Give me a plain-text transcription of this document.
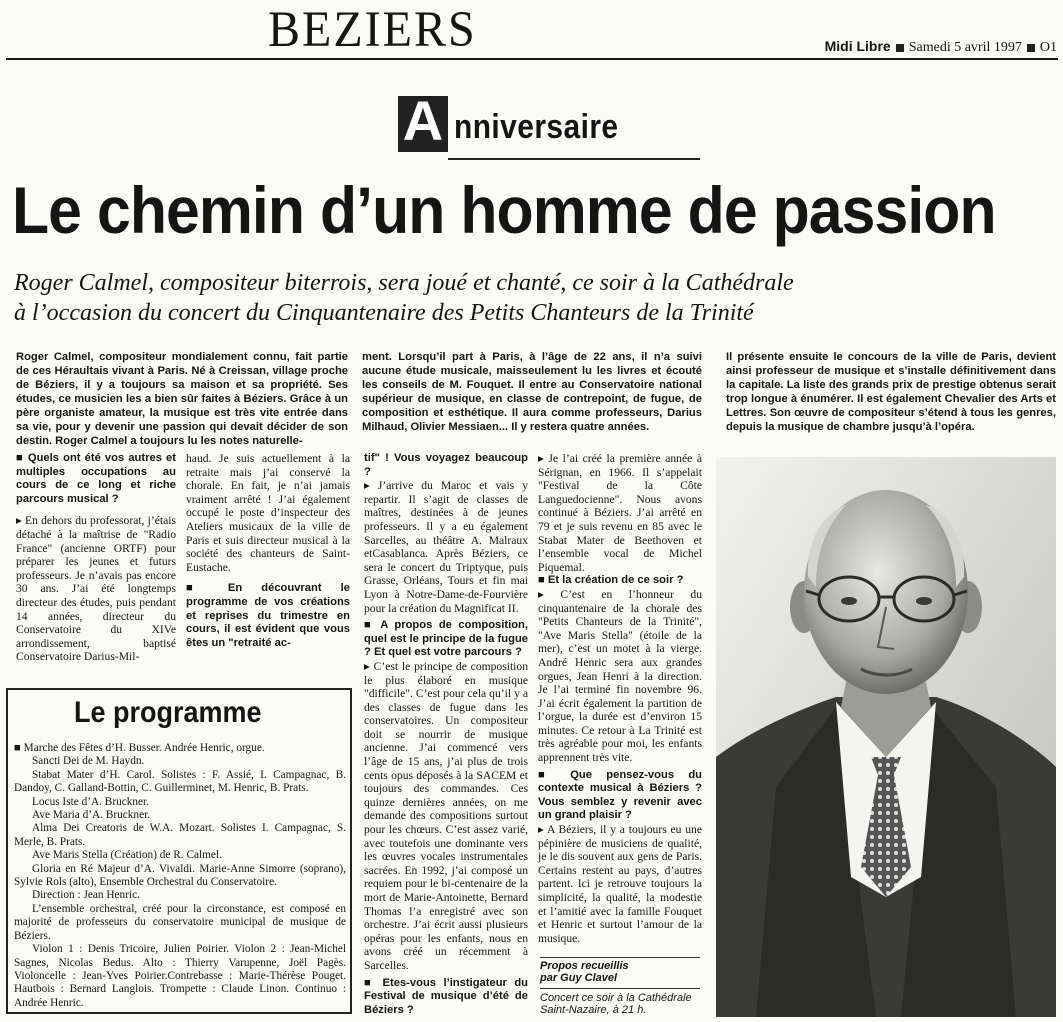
BEZIERS	Midi Libre Samedi 5 avril 1997 O1
A nniversaire
Le chemin d’un homme de passion
Roger Calmel, compositeur biterrois, sera joué et chanté, ce soir à la Cathédrale
à l’occasion du concert du Cinquantenaire des Petits Chanteurs de la Trinité
Roger Calmel, compositeur mondialement connu, fait partie de ces Héraultais vivant à Paris. Né à Creissan, village proche de Béziers, il y a toujours sa maison et sa propriété. Ses études, ce musicien les a bien sûr faites à Béziers. Grâce à un père organiste amateur, la musique est très vite entrée dans sa vie, pour y devenir une passion qui devait décider de son destin. Roger Calmel a toujours lu les notes naturelle-
ment. Lorsqu’il part à Paris, à l’âge de 22 ans, il n’a suivi aucune étude musicale, maisseulement lu les livres et écouté les conseils de M. Fouquet. Il entre au Conservatoire national supérieur de musique, en classe de contrepoint, de fugue, de composition et esthétique. Il aura comme professeurs, Darius Milhaud, Olivier Messiaen... Il y restera quatre années.
Il présente ensuite le concours de la ville de Paris, devient ainsi professeur de musique et s’installe définitivement dans la capitale. La liste des grands prix de prestige obtenus serait trop longue à énumérer. Il est également Chevalier des Arts et Lettres. Son œuvre de compositeur s’étend à tous les genres, depuis la musique de chambre jusqu’à l’opéra.

■ Quels ont été vos autres et multiples occupations au cours de ce long et riche parcours musical ?

▸ En dehors du professorat, j’étais détaché à la maîtrise de "Radio France" (ancienne ORTF) pour préparer les jeunes et futurs professeurs. Je n’avais pas encore 30 ans. J’ai été longtemps directeur des études, puis pendant 14 années, directeur du Conservatoire du XIVe arrondissement, baptisé Conservatoire Darius-Mil-

haud. Je suis actuellement à la retraite mais j’ai conservé la chorale. En fait, je n’ai jamais vraiment arrêté ! J’ai également occupé le poste d’inspecteur des Ateliers musicaux de la ville de Paris et suis directeur musical à la société des chanteurs de Saint-Eustache.

■ En découvrant le programme de vos créations et reprises du trimestre en cours, il est évident que vous êtes un "retraité ac-

tif" ! Vous voyagez beaucoup ?

▸ J’arrive du Maroc et vais y repartir. Il s’agit de classes de maîtres, destinées à de jeunes professeurs. Il y a eu également Sarcelles, au théâtre A. Malraux etCasablanca. Après Béziers, ce sera le concert du Triptyque, puis Grasse, Orléans, Tours et fin mai Lyon à Notre-Dame-de-Fourvière pour la création du Magnificat II.

■ A propos de composition, quel est le principe de la fugue ? Et quel est votre parcours ?

▸ C’est le principe de composition le plus élaboré en musique "difficile". C’est pour cela qu’il y a des classes de fugue dans les conservatoires. Un compositeur doit se nourrir de musique ancienne. J’ai commencé vers l’âge de 15 ans, j’ai plus de trois cents opus déposés à la SACEM et toujours des commandes. Ces quinze dernières années, on me demande des compositions surtout pour les chœurs. C’est assez varié, avec toutefois une dominante vers les œuvres vocales instrumentales sacrées. En 1992, j’ai composé un requiem pour le bi-centenaire de la mort de Marie-Antoinette, Bernard Thomas l’a enregistré avec son orchestre. J’ai écrit aussi plusieurs opéras pour les enfants, nous en avons créé un récemment à Sarcelles.

■ Etes-vous l’instigateur du Festival de musique d’été de Béziers ?

▸ Je l’ai créé la première année à Sérignan, en 1966. Il s’appelait "Festival de la Côte Languedocienne". Nous avons continué à Béziers. J’ai arrêté en 79 et je suis revenu en 85 avec le Stabat Mater de Beethoven et l’ensemble vocal de Michel Piquemal.

■ Et la création de ce soir ?

▸ C’est en l’honneur du cinquantenaire de la chorale des "Petits Chanteurs de la Trinité", "Ave Maris Stella" (étoile de la mer), c’est un motet à la vierge. André Henric sera aux grandes orgues, Jean Henri à la direction. Je l’ai terminé fin novembre 96. J’ai écrit également la partition de l’orgue, la durée est d’environ 15 minutes. Ce retour à La Trinité est très agréable pour moi, les enfants apprennent très vite.

■ Que pensez-vous du contexte musical à Béziers ? Vous semblez y revenir avec un grand plaisir ?

▸ A Béziers, il y a toujours eu une pépinière de musiciens de qualité, je le dis souvent aux gens de Paris. Certains restent au pays, d’autres partent. Ici je retrouve toujours la simplicité, la qualité, la modestie et l’amitié avec la famille Fouquet et Henric et surtout l’amour de la musique.

Le programme

■ Marche des Fêtes d’H. Busser. Andrée Henric, orgue.

Sancti Dei de M. Haydn.

Stabat Mater d’H. Carol. Solistes : F. Assié, I. Campagnac, B. Dandoy, C. Galland-Bottin, C. Guillerminet, M. Henric, B. Prats.

Locus Iste d’A. Bruckner.

Ave Maria d’A. Bruckner.

Alma Dei Creatoris de W.A. Mozart. Solistes I. Campagnac, S. Merle, B. Prats.

Ave Maris Stella (Création) de R. Calmel.

Gloria en Ré Majeur d’A. Vivaldi. Marie-Anne Simorre (soprano), Sylvie Rols (alto), Ensemble Orchestral du Conservatoire.

Direction : Jean Henric.

L’ensemble orchestral, créé pour la circonstance, est composé en majorité de professeurs du conservatoire municipal de musique de Béziers.

Violon 1 : Denis Tricoire, Julien Poirier. Violon 2 : Jean-Michel Sagnes, Nicolas Bedus. Alto : Thierry Varupenne, Joël Pagès. Violoncelle : Jean-Yves Poirier.Contrebasse : Marie-Thérèse Pouget. Hautbois : Bernard Langlois. Trompette : Claude Linon. Continuo : Andrée Henric.

Propos recueillis
par Guy Clavel
Concert ce soir à la Cathédrale
Saint-Nazaire, à 21 h.
